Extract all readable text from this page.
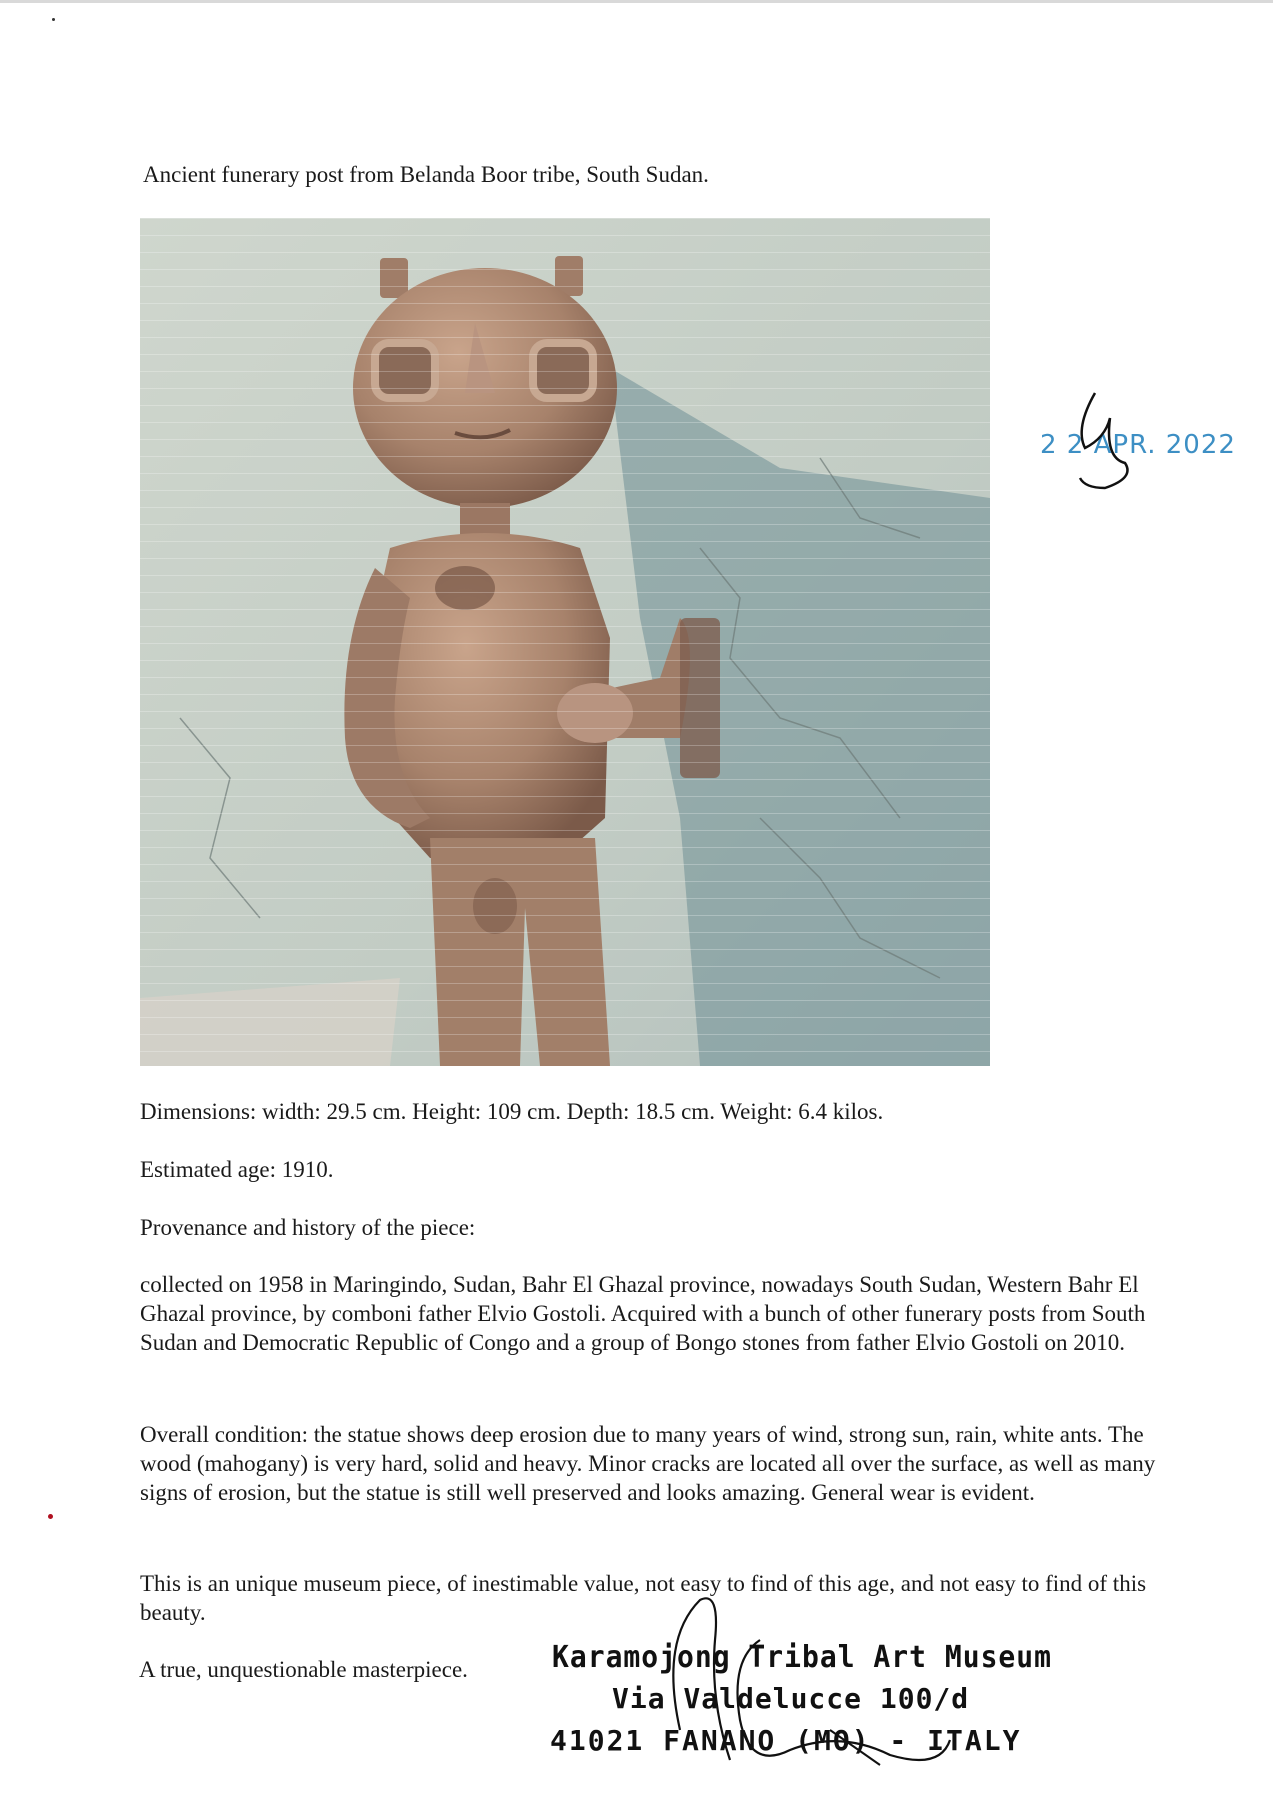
Ancient funerary post from Belanda Boor tribe, South Sudan.

2 2 APR. 2022

Dimensions: width: 29.5 cm. Height: 109 cm. Depth: 18.5 cm. Weight: 6.4 kilos.

Estimated age: 1910.

Provenance and history of the piece:

collected on 1958 in Maringindo, Sudan, Bahr El Ghazal province, nowadays South Sudan, Western Bahr El Ghazal province, by comboni father Elvio Gostoli. Acquired with a bunch of other funerary posts from South Sudan and Democratic Republic of Congo and a group of Bongo stones from father Elvio Gostoli on 2010.

Overall condition: the statue shows deep erosion due to many years of wind, strong sun, rain, white ants. The wood (mahogany) is very hard, solid and heavy. Minor cracks are located all over the surface, as well as many signs of erosion, but the statue is still well preserved and looks amazing. General wear is evident.

This is an unique museum piece, of inestimable value, not easy to find of this age, and not easy to find of this beauty.

A true, unquestionable masterpiece.	Karamojong Tribal Art Museum
Via Valdelucce 100/d
41021 FANANO (MO) - ITALY
